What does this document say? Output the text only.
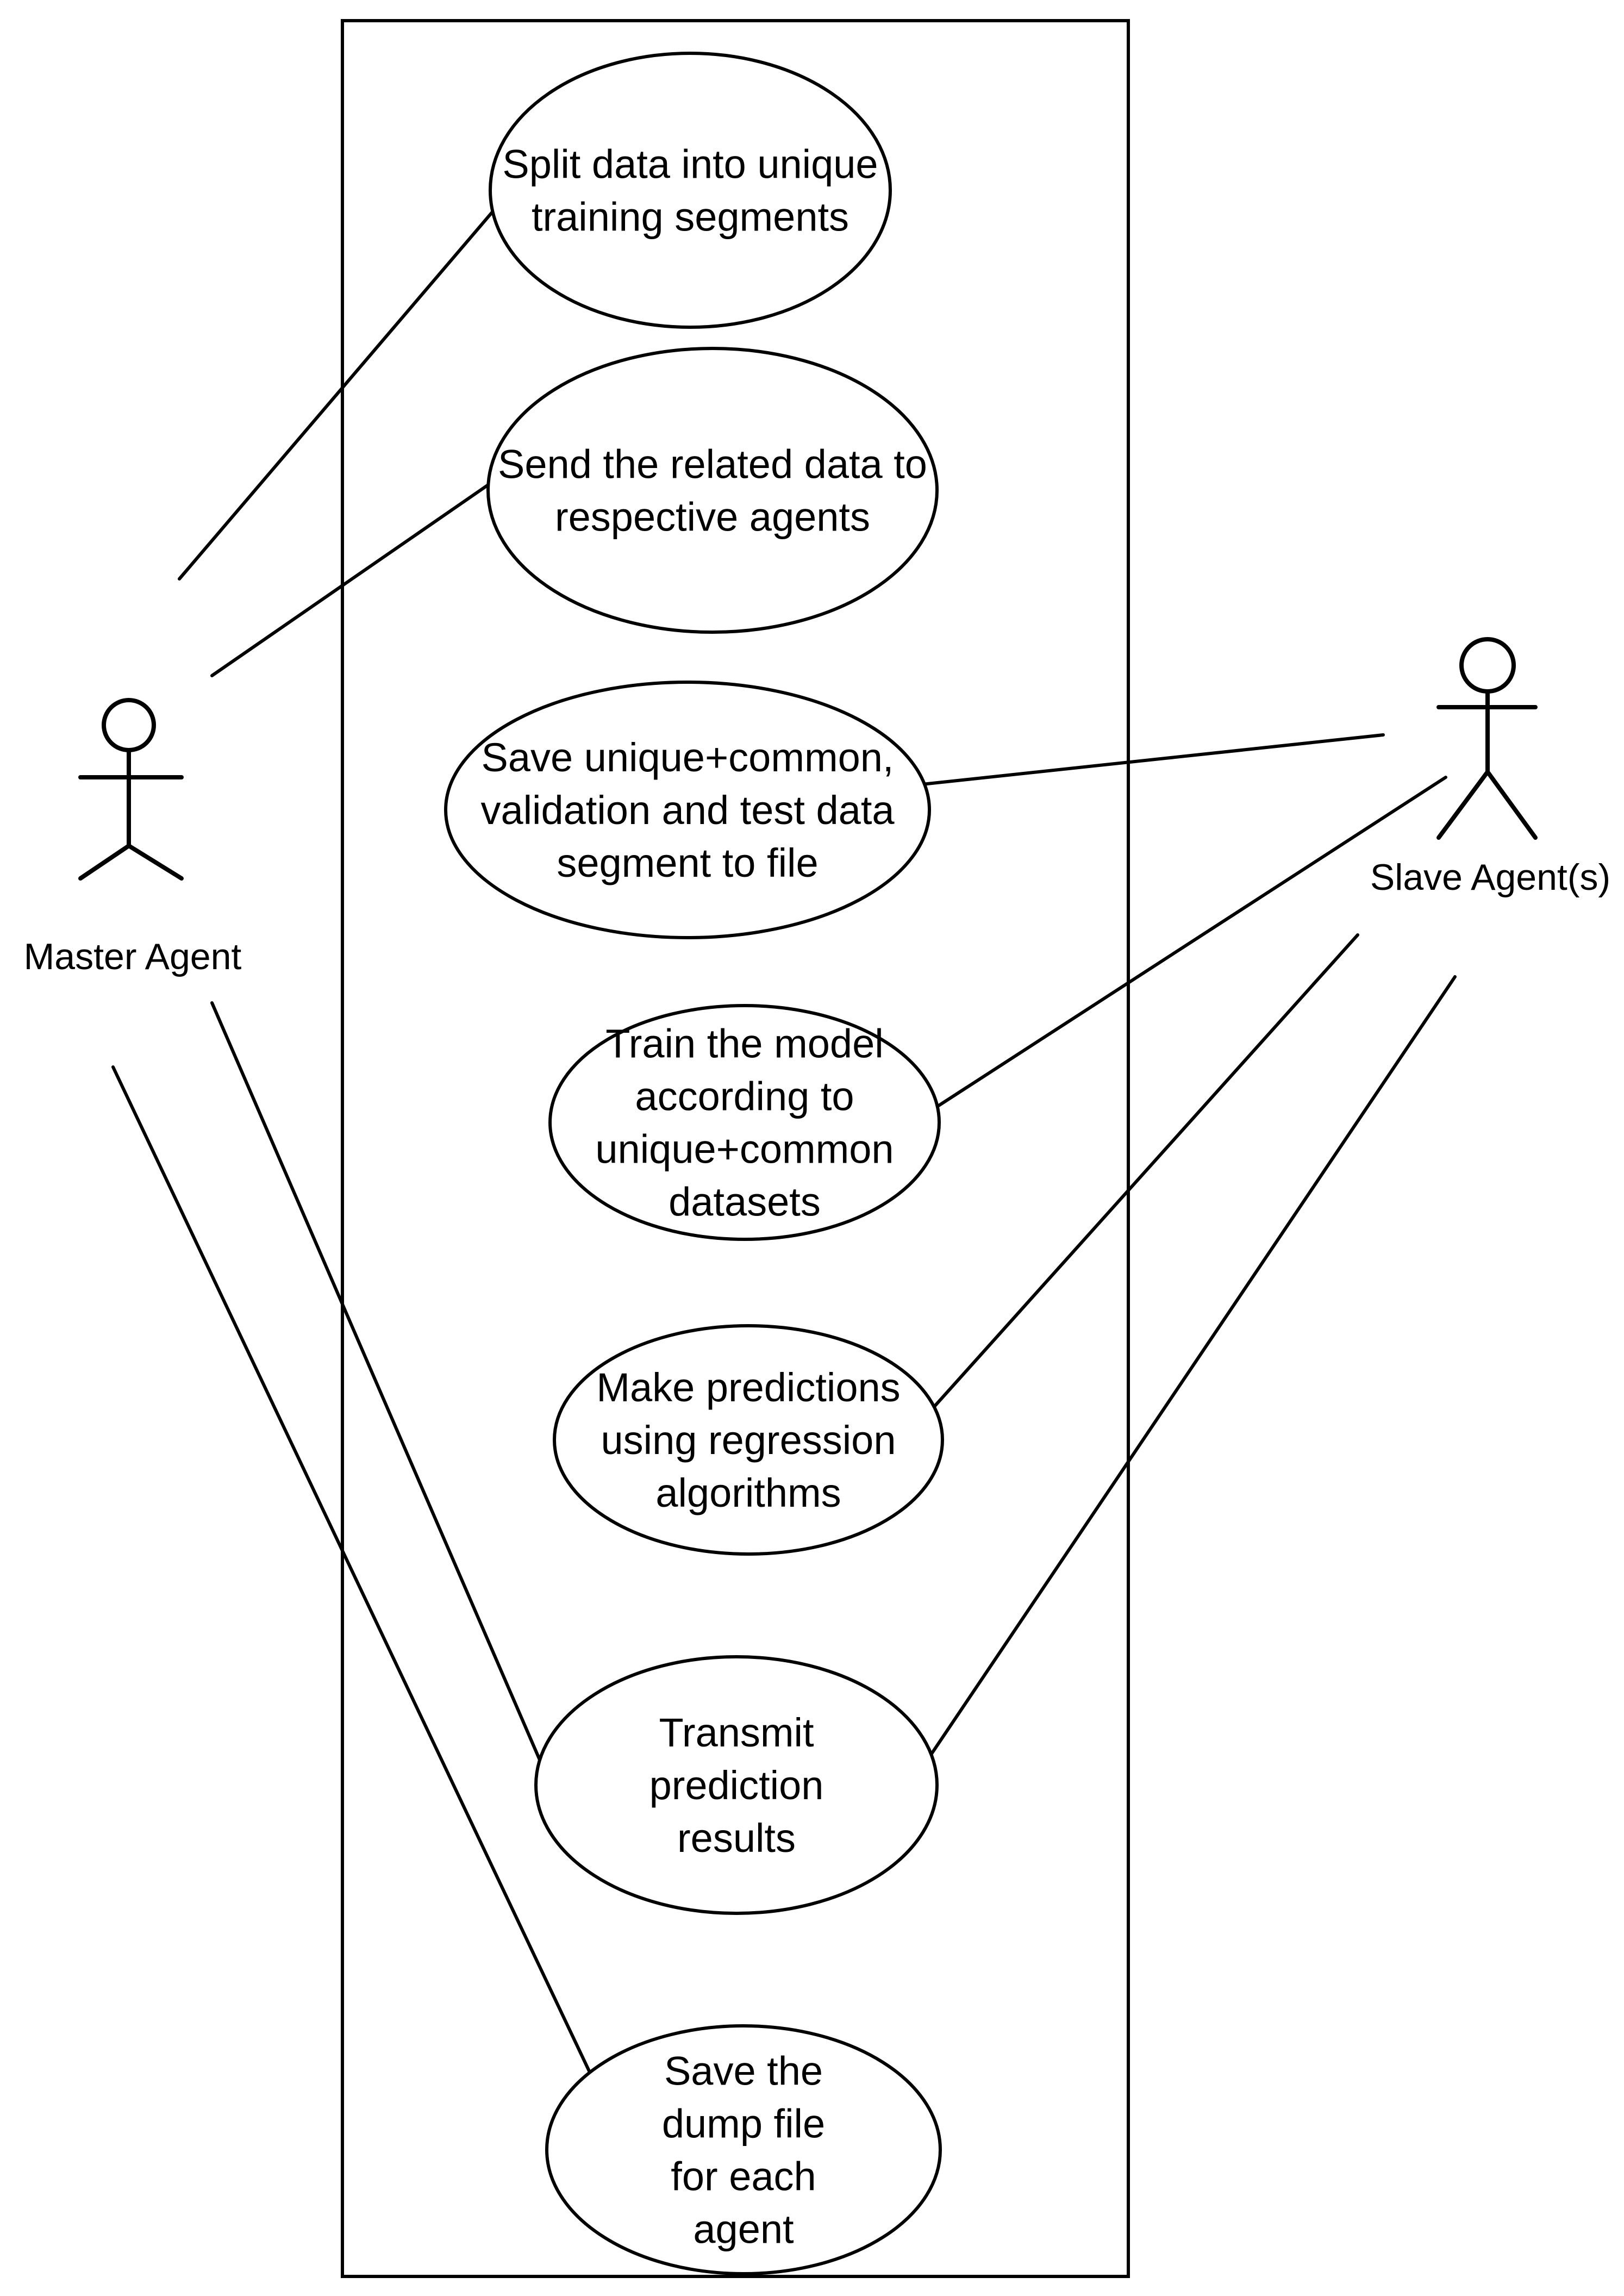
Split data into unique training segments
Send the related data to respective agents
Save unique+common, validation and test data segment to file
Train the model according to unique+common datasets
Make predictions using regression algorithms
Transmit prediction results
Save the dump file for each agent
Master Agent
Slave Agent(s)
